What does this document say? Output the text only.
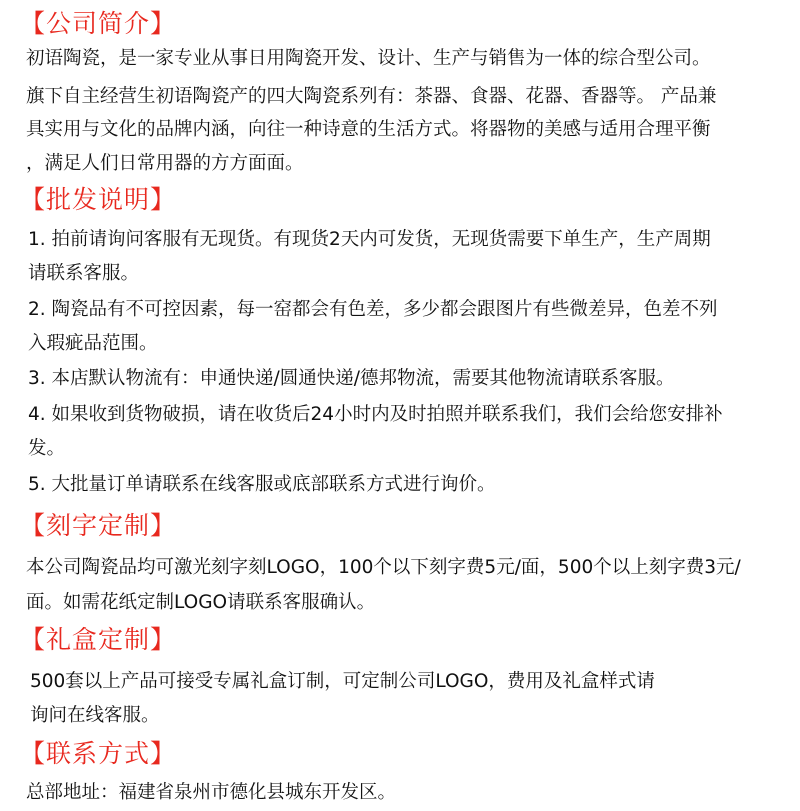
【公司简介】
初语陶瓷，是一家专业从事日用陶瓷开发、设计、生产与销售为一体的综合型公司。
旗下自主经营生初语陶瓷产的四大陶瓷系列有：茶器、食器、花器、香器等。 产品兼
具实用与文化的品牌内涵，向往一种诗意的生活方式。将器物的美感与适用合理平衡
，满足人们日常用器的方方面面。
【批发说明】
1. 拍前请询问客服有无现货。有现货2天内可发货，无现货需要下单生产，生产周期
请联系客服。
2. 陶瓷品有不可控因素，每一窑都会有色差，多少都会跟图片有些微差异，色差不列
入瑕疵品范围。
3. 本店默认物流有：申通快递/圆通快递/德邦物流，需要其他物流请联系客服。
4. 如果收到货物破损，请在收货后24小时内及时拍照并联系我们，我们会给您安排补
发。
5. 大批量订单请联系在线客服或底部联系方式进行询价。
【刻字定制】
本公司陶瓷品均可激光刻字刻LOGO，100个以下刻字费5元/面，500个以上刻字费3元/
面。如需花纸定制LOGO请联系客服确认。
【礼盒定制】
500套以上产品可接受专属礼盒订制，可定制公司LOGO，费用及礼盒样式请
询问在线客服。
【联系方式】
总部地址：福建省泉州市德化县城东开发区。
